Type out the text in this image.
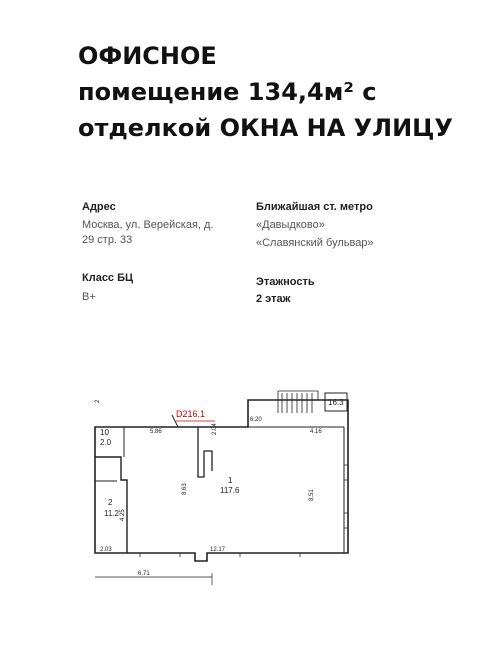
ОФИСНОЕ
помещение 134,4м² с
отделкой ОКНА НА УЛИЦУ
Адрес
Москва, ул. Верейская, д.
29 стр. 33
Ближайшая ст. метро
«Давыдково»
«Славянский бульвар»
Класс БЦ
B+
Этажность
2 этаж
D216.1
1
117.6
2
11.2
10
2.0
16.3
5.86	2.04
6.20
4.16
8.63
8.51
4.25
2.03	12.17
6.71
2
